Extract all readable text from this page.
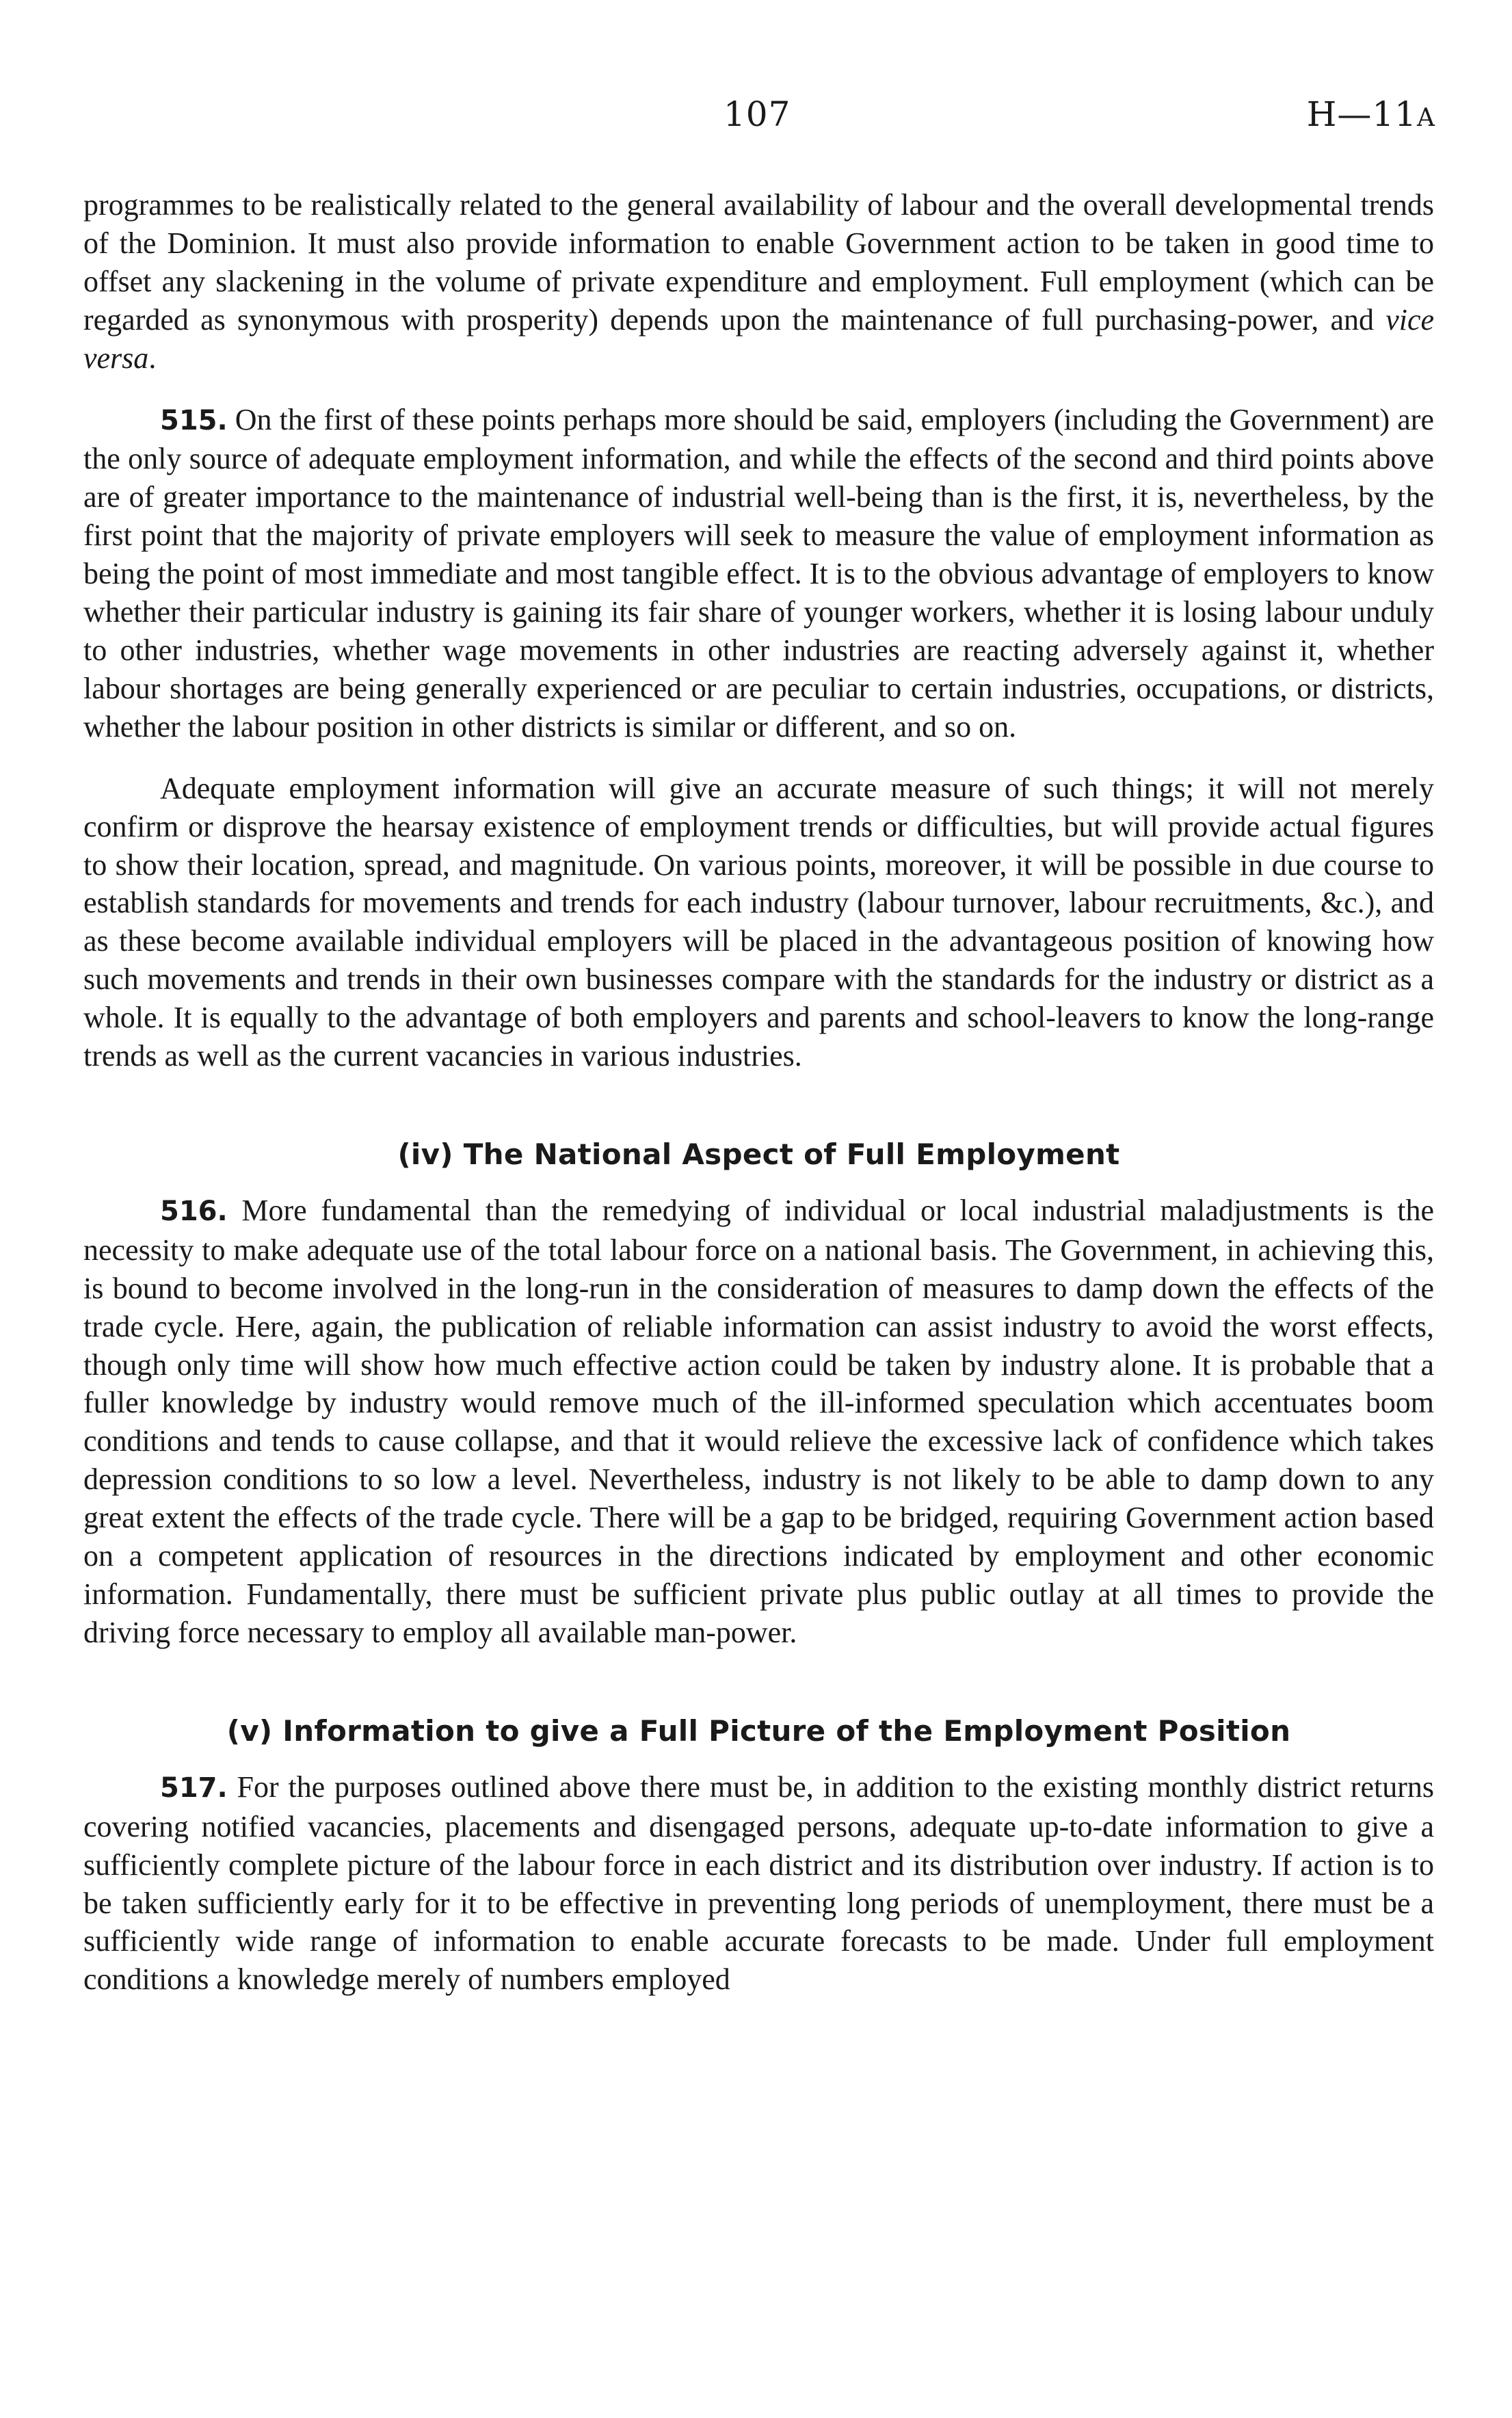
107	H—11A

programmes to be realistically related to the general availability of labour and the overall developmental trends of the Dominion. It must also provide information to enable Government action to be taken in good time to offset any slackening in the volume of private expenditure and employment. Full employment (which can be regarded as synonymous with prosperity) depends upon the maintenance of full purchasing-power, and vice versa.

515. On the first of these points perhaps more should be said, employers (including the Government) are the only source of adequate employment information, and while the effects of the second and third points above are of greater importance to the maintenance of industrial well-being than is the first, it is, nevertheless, by the first point that the majority of private employers will seek to measure the value of employment information as being the point of most immediate and most tangible effect. It is to the obvious advantage of employers to know whether their particular industry is gaining its fair share of younger workers, whether it is losing labour unduly to other industries, whether wage movements in other industries are reacting adversely against it, whether labour shortages are being generally experienced or are peculiar to certain industries, occupations, or districts, whether the labour position in other districts is similar or different, and so on.

Adequate employment information will give an accurate measure of such things; it will not merely confirm or disprove the hearsay existence of employment trends or difficulties, but will provide actual figures to show their location, spread, and magnitude. On various points, moreover, it will be possible in due course to establish standards for movements and trends for each industry (labour turnover, labour recruitments, &c.), and as these become available individual employers will be placed in the advantageous position of knowing how such movements and trends in their own businesses compare with the standards for the industry or district as a whole. It is equally to the advantage of both employers and parents and school-leavers to know the long-range trends as well as the current vacancies in various industries.

(iv) The National Aspect of Full Employment

516. More fundamental than the remedying of individual or local industrial maladjustments is the necessity to make adequate use of the total labour force on a national basis. The Government, in achieving this, is bound to become involved in the long-run in the consideration of measures to damp down the effects of the trade cycle. Here, again, the publication of reliable information can assist industry to avoid the worst effects, though only time will show how much effective action could be taken by industry alone. It is probable that a fuller knowledge by industry would remove much of the ill-informed speculation which accentuates boom conditions and tends to cause collapse, and that it would relieve the excessive lack of confidence which takes depression conditions to so low a level. Nevertheless, industry is not likely to be able to damp down to any great extent the effects of the trade cycle. There will be a gap to be bridged, requiring Government action based on a competent application of resources in the directions indicated by employment and other economic information. Fundamentally, there must be sufficient private plus public outlay at all times to provide the driving force necessary to employ all available man-power.

(v) Information to give a Full Picture of the Employment Position

517. For the purposes outlined above there must be, in addition to the existing monthly district returns covering notified vacancies, placements and disengaged persons, adequate up-to-date information to give a sufficiently complete picture of the labour force in each district and its distribution over industry. If action is to be taken sufficiently early for it to be effective in preventing long periods of unemployment, there must be a sufficiently wide range of information to enable accurate forecasts to be made. Under full employment conditions a knowledge merely of numbers employed
